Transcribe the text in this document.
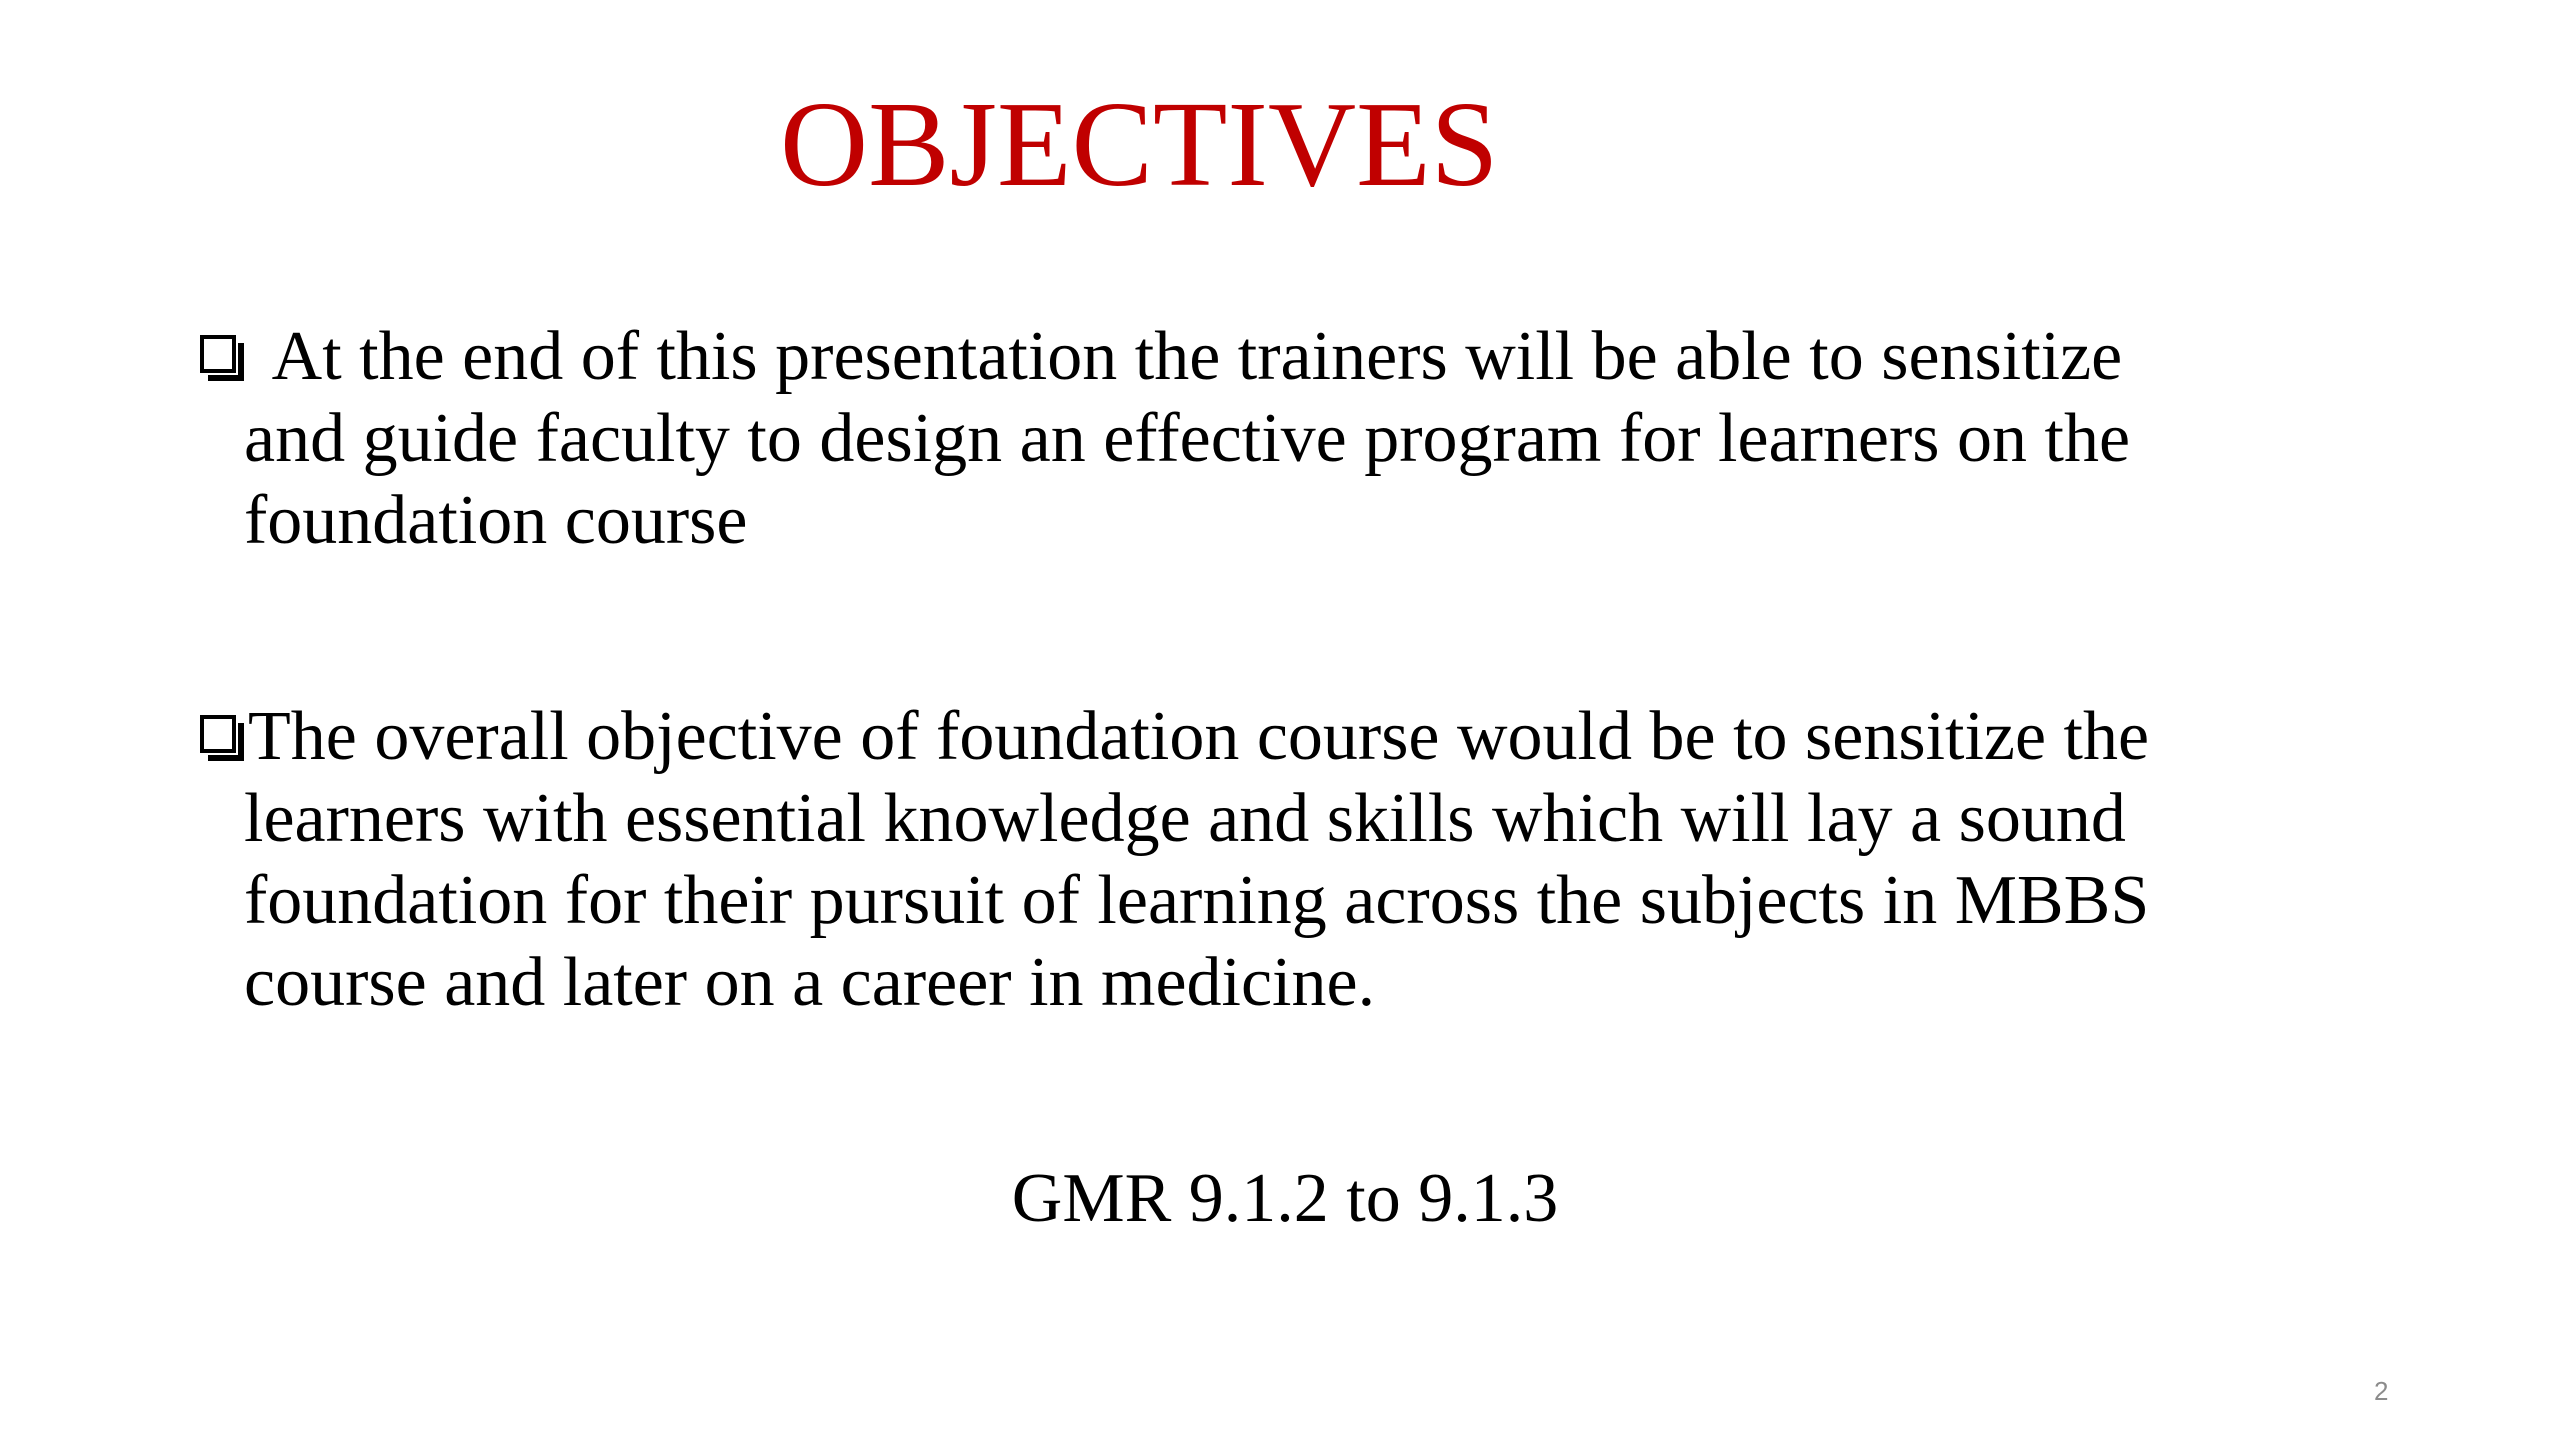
OBJECTIVES
At the end of this presentation the trainers will be able to sensitize
and guide faculty to design an effective program for learners on the
foundation course
The overall objective of foundation course would be to sensitize the
learners with essential knowledge and skills which will lay a sound
foundation for their pursuit of learning across the subjects in MBBS
course and later on a career in medicine.
GMR 9.1.2 to 9.1.3
2
